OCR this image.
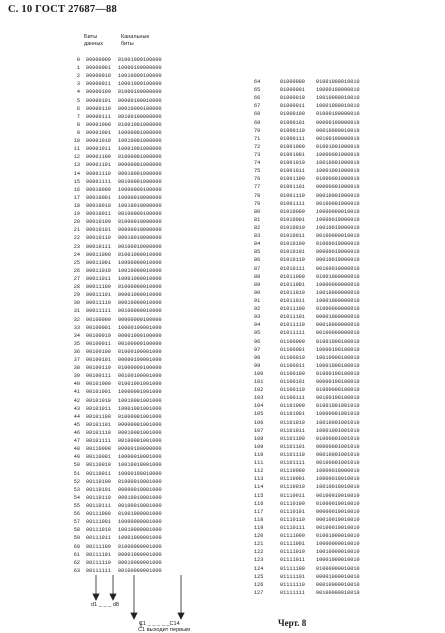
С. 10 ГОСТ 27687—88
Биты
данных
Канальные
биты
0 00000000 01001000100000
1 00000001 10000100000000
2 00000010 10010000100000
3 00000011 10001000100000
4 00000100 01000100000000
5 00000101 00000100010000
6 00000110 00010000100000
7 00000111 00100100000000
8 00001000 01001001000000
9 00001001 10000001000000
10 00001010 10010001000000
11 00001011 10001001000000
12 00001100 01000001000000
13 00001101 00000001000000
14 00001110 00010001000000
15 00001111 00100001000000
16 00010000 10000000100000
17 00010001 10000010000000
18 00010010 10010010000000
19 00010011 00100000100000
20 00010100 01000010000000
21 00010101 00000010000000
22 00010110 00010010000000
23 00010111 00100010000000
24 00011000 01001000010000
25 00011001 10000000010000
26 00011010 10010000010000
27 00011011 10001000010000
28 00011100 01000000010000
29 00011101 00001000010000
30 00011110 00010000010000
31 00011111 00100000010000
32 00100000 00000000100000
33 00100001 10000100001000
34 00100010 00001000100000
35 00100011 00100000100000
36 00100100 01000100001000
37 00100101 00000100001000
38 00100110 01000000100000
39 00100111 00100100001000
40 00101000 01001001001000
41 00101001 10000001001000
42 00101010 10010001001000
43 00101011 10001001001000
44 00101100 01000001001000
45 00101101 00000001001000
46 00101110 00010001001000
47 00101111 00100001001000
48 00110000 00000100000000
49 00110001 10000010001000
50 00110010 10010010001000
51 00110011 10000100010000
52 00110100 01000010001000
53 00110101 00000010001000
54 00110110 00010010001000
55 00110111 00100010001000
56 00111000 01001000001000
57 00111001 10000000001000
58 00111010 10010000001000
59 00111011 10001000001000
60 00111100 01000000001000
61 00111101 00001000001000
62 00111110 00010000001000
63 00111111 00100000001000
64	01000000 01001000010010
65	01000001 10000100000010
66	01000010 10010000010010
67	01000011 10001000010010
68	01000100 01000100000010
69	01000101 00000100000010
70	01000110 00010000010010
71	01000111 00100100000010
72	01001000 01001001000010
73	01001001 10000001000010
74	01001010 10010001000010
75	01001011 10001001000010
76	01001100 01000001000010
77	01001101 00000001000010
78	01001110 00010001000010
79	01001111 00100001000010
80	01010000 10000000010010
81	01010001 10000010000010
82	01010010 10010010000010
83	01010011 00100000010010
84	01010100 01000010000010
85	01010101 00000010000010
86	01010110 00010010000010
87	01010111 00100010000010
88	01011000 01001000000010
89	01011001 10000000000010
90	01011010 10010000000010
91	01011011 10001000000010
92	01011100 01000000000010
93	01011101 00001000000010
94	01011110 00010000000010
95	01011111 00100000000010
96	01100000 01001000100010
97	01100001 10000100100010
98	01100010 10010000100010
99	01100011 10001000100010
100	01100100 01000100100010
101	01100101 00000100100010
102	01100110 01000000100010
103	01100111 00100100100010
104	01101000 01001001001010
105	01101001 10000001001010
106	01101010 10010001001010
107	01101011 10001001001010
108	01101100 01000001001010
109	01101101 00000001001010
110	01101110 00010001001010
111	01101111 00100001001010
112	01110000 10000010000010
113	01110001 10000010010010
114	01110010 10010010010010
115	01110011 00100010010010
116	01110100 01000010010010
117	01110101 00000010010010
118	01110110 00010010010010
119	01110111 00100010010010
120	01111000 01001000010010
121	01111001 10000000010010
122	01111010 10010000010010
123	01111011 10001000010010
124	01111100 01000000010010
125	01111101 00001000010010
126	01111110 00010000010010
127	01111111 00100000010010
d1 _ _ _ d8
C1 _ _ _ _ _C14
C1 выходит первым
Черт. 8
